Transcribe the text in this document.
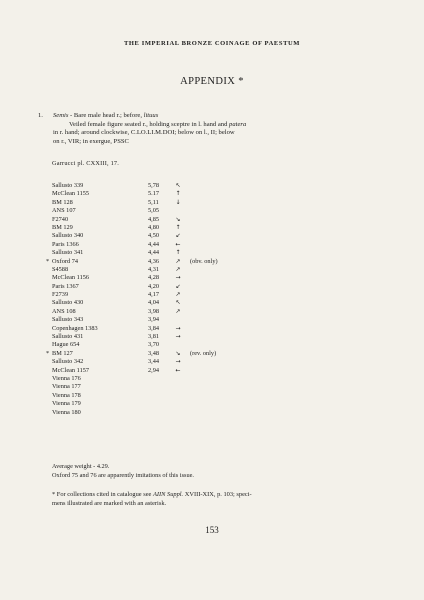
THE IMPERIAL BRONZE COINAGE OF PAESTUM
APPENDIX *
1. Semis - Bare male head r.; before, lituus
Veiled female figure seated r., holding sceptre in l. hand and patera
in r. hand; around clockwise, C.LO.LI.M.DOI; below on l., II; below
on r., VIR; in exergue, PSSC
Garrucci pl. CXXIII, 17.
Sallusto 339	5,78	↖
McClean 1155	5.17	↑
BM 128	5,11	↓
ANS 107	5,05
F2740	4,85	↘
BM 129	4,80	↑
Sallusto 340	4,50	↙
Paris 1366	4,44	←
Sallusto 341	4,44	↑
* Oxford 74	4,36	↗	(obv. only)
S4588	4,31	↗
McClean 1156	4,28	→
Paris 1367	4,20	↙
F2739	4,17	↗
Sallusto 430	4,04	↖
ANS 108	3,98	↗
Sallusto 343	3,94
Copenhagen 1383	3,84	→
Sallusto 431	3,81	→
Hague 654	3,70
* BM 127	3,48	↘	(rev. only)
Sallusto 342	3,44	→
McClean 1157	2,94	←
Vienna 176
Vienna 177
Vienna 178
Vienna 179
Vienna 180
Average weight - 4.29.
Oxford 75 and 76 are apparently imitations of this issue.
* For collections cited in catalogue see AIIN Suppl. XVIII-XIX, p. 103; speci-
mens illustrated are marked with an asterisk.
153
